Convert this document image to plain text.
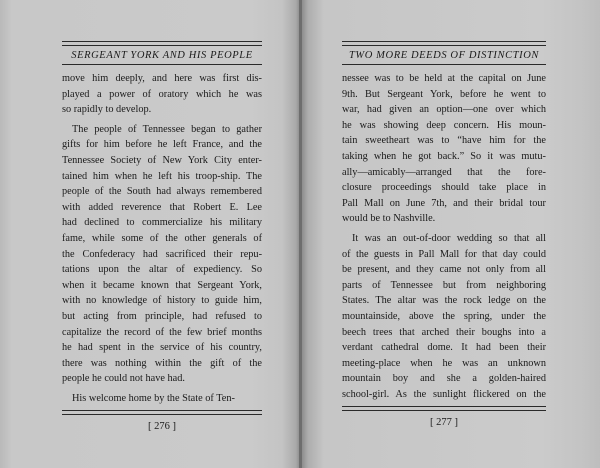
SERGEANT YORK AND HIS PEOPLE
move him deeply, and here was first dis-
played a power of oratory which he was
so rapidly to develop.
The people of Tennessee began to gather
gifts for him before he left France, and the
Tennessee Society of New York City enter-
tained him when he left his troop-ship. The
people of the South had always remembered
with added reverence that Robert E. Lee
had declined to commercialize his military
fame, while some of the other generals of
the Confederacy had sacrificed their repu-
tations upon the altar of expediency. So
when it became known that Sergeant York,
with no knowledge of history to guide him,
but acting from principle, had refused to
capitalize the record of the few brief months
he had spent in the service of his country,
there was nothing within the gift of the
people he could not have had.
His welcome home by the State of Ten-
[ 276 ]
TWO MORE DEEDS OF DISTINCTION
nessee was to be held at the capital on June
9th. But Sergeant York, before he went to
war, had given an option—one over which
he was showing deep concern. His moun-
tain sweetheart was to “have him for the
taking when he got back.” So it was mutu-
ally—amicably—arranged that the fore-
closure proceedings should take place in
Pall Mall on June 7th, and their bridal tour
would be to Nashville.
It was an out-of-door wedding so that all
of the guests in Pall Mall for that day could
be present, and they came not only from all
parts of Tennessee but from neighboring
States. The altar was the rock ledge on the
mountainside, above the spring, under the
beech trees that arched their boughs into a
verdant cathedral dome. It had been their
meeting-place when he was an unknown
mountain boy and she a golden-haired
school-girl. As the sunlight flickered on the
[ 277 ]
